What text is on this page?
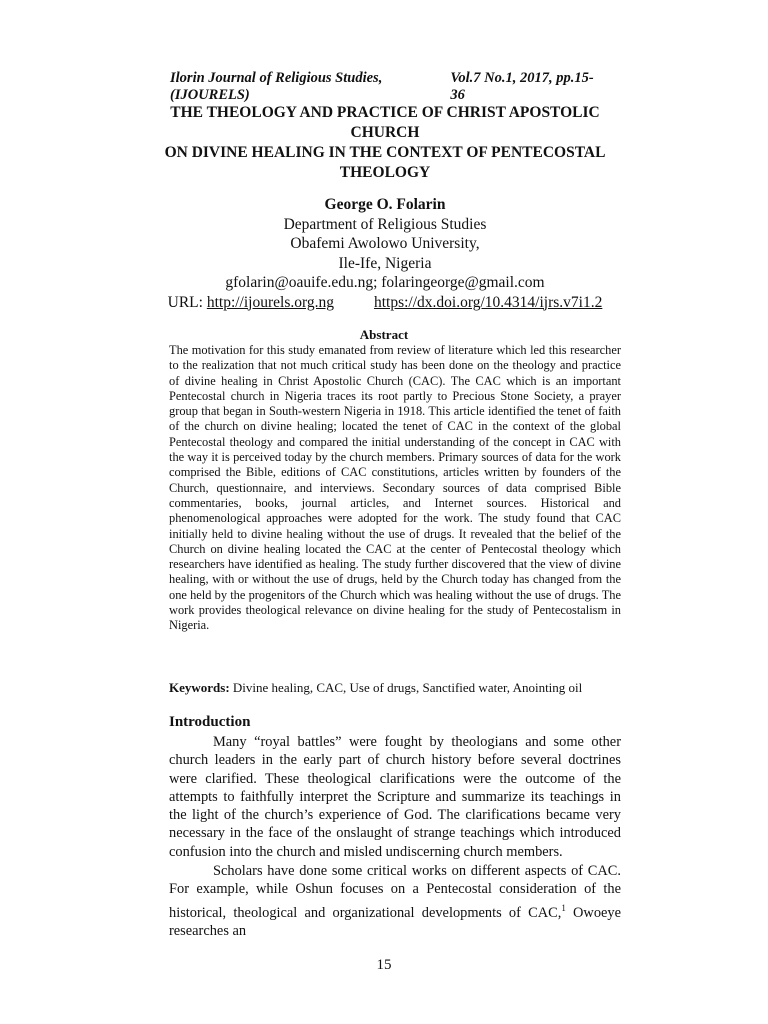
Ilorin Journal of Religious Studies, (IJOURELS)
Vol.7 No.1, 2017, pp.15-36
THE THEOLOGY AND PRACTICE OF CHRIST APOSTOLIC CHURCH
ON DIVINE HEALING IN THE CONTEXT OF PENTECOSTAL
THEOLOGY
George O. Folarin
Department of Religious Studies
Obafemi Awolowo University,
Ile-Ife, Nigeria
gfolarin@oauife.edu.ng; folaringeorge@gmail.com
URL: http://ijourels.org.ng	https://dx.doi.org/10.4314/ijrs.v7i1.2
Abstract

The motivation for this study emanated from review of literature which led this researcher to the realization that not much critical study has been done on the theology and practice of divine healing in Christ Apostolic Church (CAC). The CAC which is an important Pentecostal church in Nigeria traces its root partly to Precious Stone Society, a prayer group that began in South-western Nigeria in 1918. This article identified the tenet of faith of the church on divine healing; located the tenet of CAC in the context of the global Pentecostal theology and compared the initial understanding of the concept in CAC with the way it is perceived today by the church members. Primary sources of data for the work comprised the Bible, editions of CAC constitutions, articles written by founders of the Church, questionnaire, and interviews. Secondary sources of data comprised Bible commentaries, books, journal articles, and Internet sources. Historical and phenomenological approaches were adopted for the work. The study found that CAC initially held to divine healing without the use of drugs. It revealed that the belief of the Church on divine healing located the CAC at the center of Pentecostal theology which researchers have identified as healing. The study further discovered that the view of divine healing, with or without the use of drugs, held by the Church today has changed from the one held by the progenitors of the Church which was healing without the use of drugs. The work provides theological relevance on divine healing for the study of Pentecostalism in Nigeria.

Keywords: Divine healing, CAC, Use of drugs, Sanctified water, Anointing oil
Introduction

Many “royal battles” were fought by theologians and some other church leaders in the early part of church history before several doctrines were clarified. These theological clarifications were the outcome of the attempts to faithfully interpret the Scripture and summarize its teachings in the light of the church’s experience of God. The clarifications became very necessary in the face of the onslaught of strange teachings which introduced confusion into the church and misled undiscerning church members.

Scholars have done some critical works on different aspects of CAC. For example, while Oshun focuses on a Pentecostal consideration of the historical, theological and organizational developments of CAC,$^1$ Owoeye researches an

15
